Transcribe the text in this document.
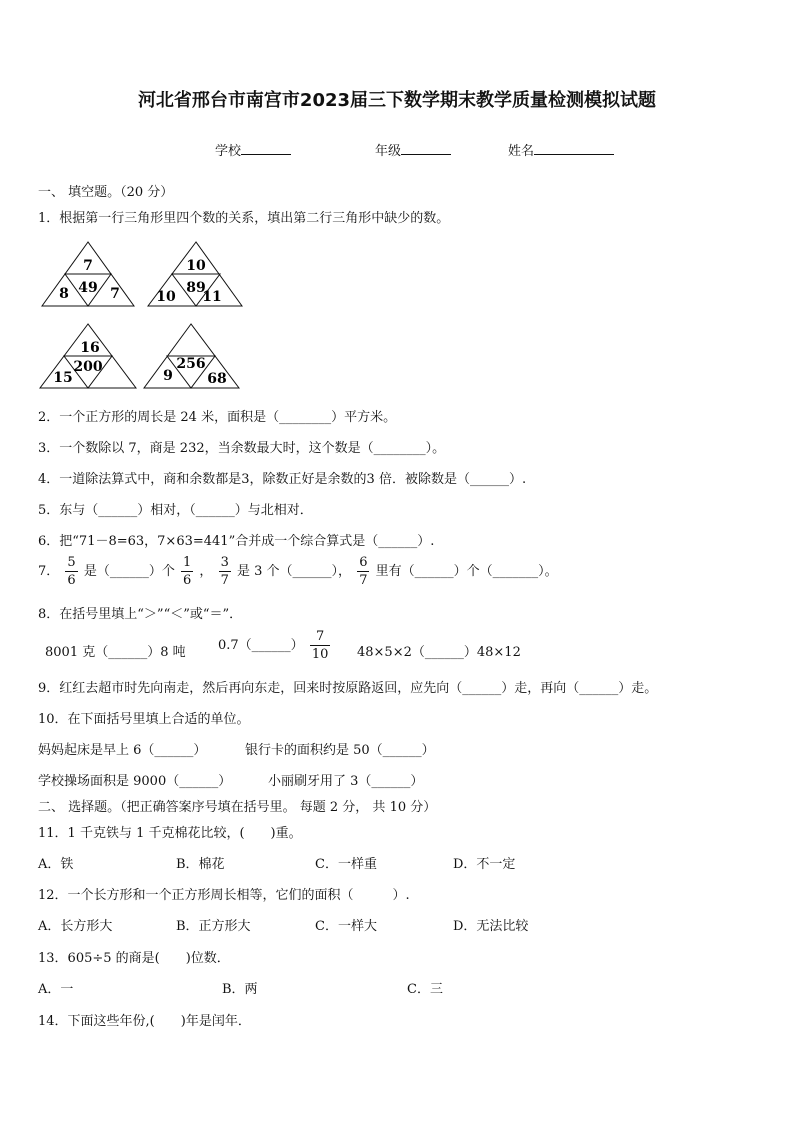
河北省邢台市南宫市2023届三下数学期末教学质量检测模拟试题
学校	年级	姓名
一、 填空题。（20 分）
1．根据第一行三角形里四个数的关系，填出第二行三角形中缺少的数。
7
49
8	7
10
89
10 11
16
200
15
256
9 68
2．一个正方形的周长是 24 米，面积是（________）平方米。
3．一个数除以 7，商是 232，当余数最大时，这个数是（________）。
4．一道除法算式中，商和余数都是3，除数正好是余数的3 倍．被除数是（______）.
5．东与（______）相对，（______）与北相对．
6．把“71－8=63，7×63=441”合并成一个综合算式是（______）.
7． $\frac{5}{6}$ 是（______）个 $\frac{1}{6}$ ， $\frac{3}{7}$ 是 3 个（______）， $\frac{6}{7}$ 里有（______）个（_______）。
8．在括号里填上“＞”“＜”或“＝”．
8001 克（______）8 吨 0.7（______） $\frac{7}{10}$ 48×5×2（______）48×12
9．红红去超市时先向南走，然后再向东走，回来时按原路返回，应先向（______）走，再向（______）走。
10．在下面括号里填上合适的单位。
妈妈起床是早上 6（______）	银行卡的面积约是 50（______）
学校操场面积是 9000（______）	小丽刷牙用了 3（______）
二、 选择题。（把正确答案序号填在括号里。 每题 2 分， 共 10 分）
11．1 千克铁与 1 千克棉花比较，(　　)重。
A．铁	B．棉花	C．一样重	D．不一定
12．一个长方形和一个正方形周长相等，它们的面积（　　　）.
A．长方形大	B．正方形大	C．一样大	D．无法比较
13．605÷5 的商是(　　)位数．
A．一	B．两	C．三
14．下面这些年份,(　　)年是闰年．
